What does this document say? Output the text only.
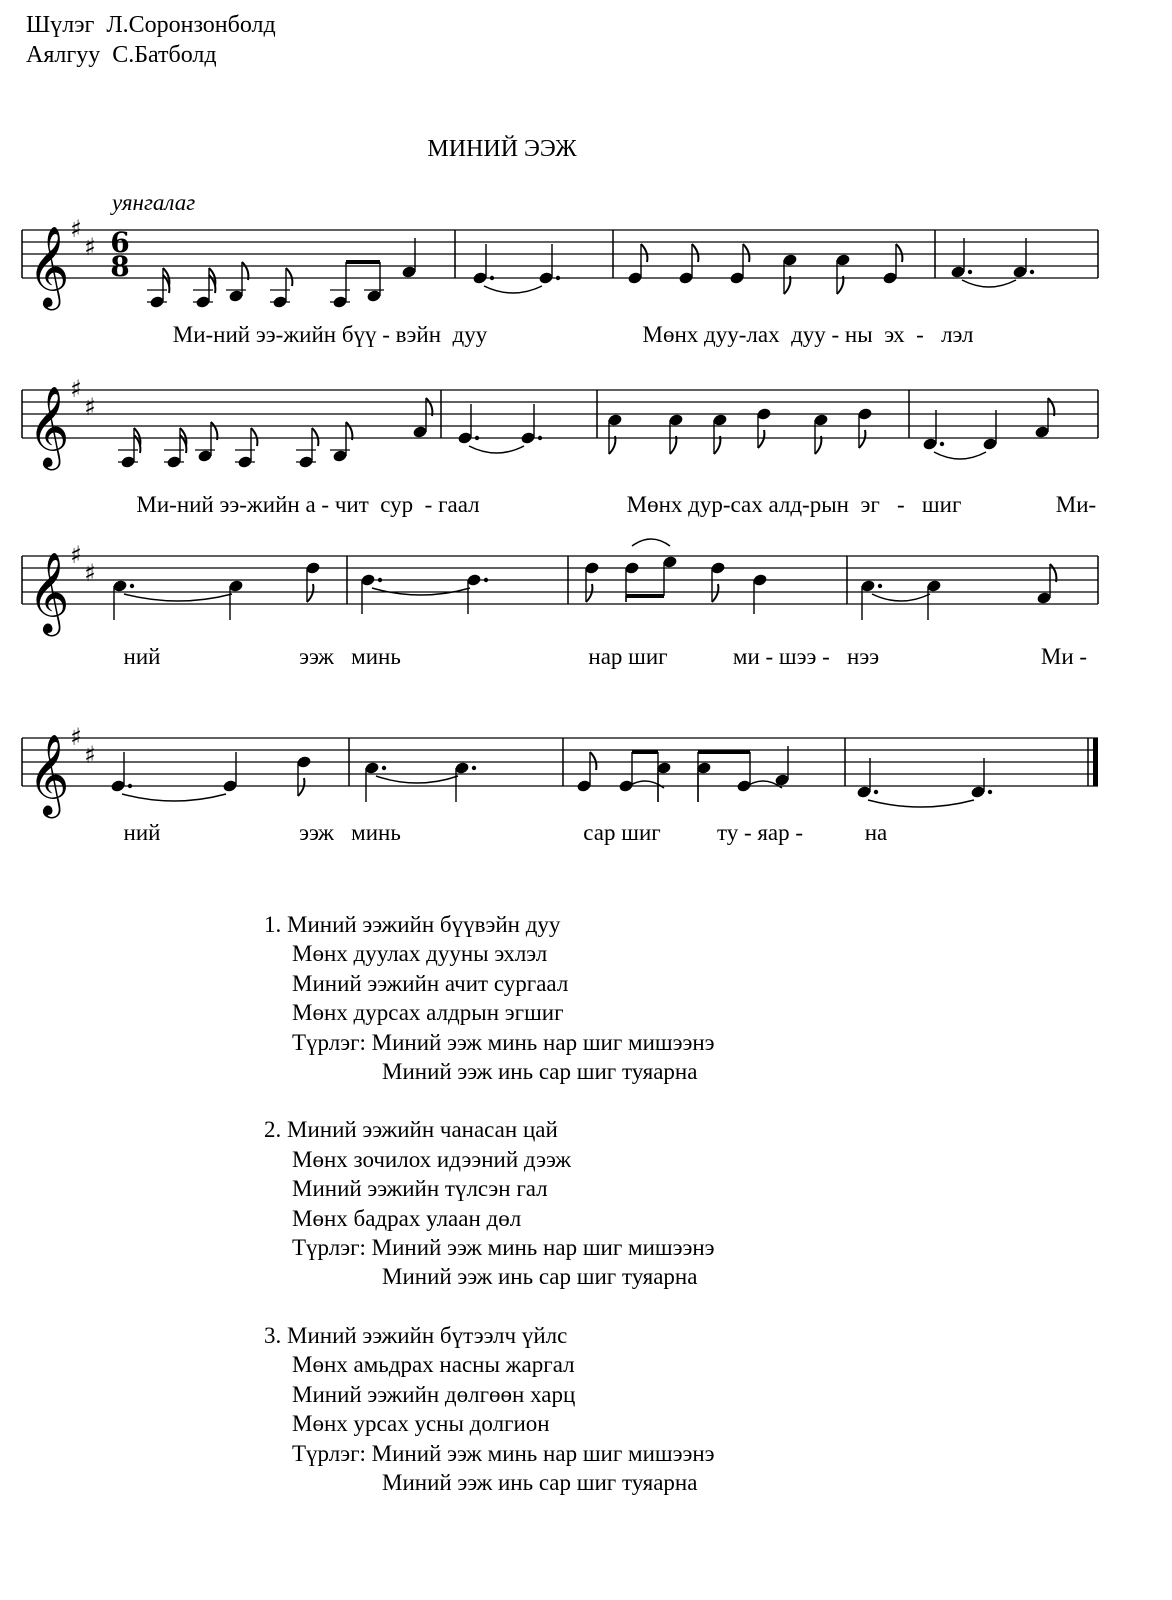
Шүлэг  Л.Соронзонболд
Аялгуу  С.Батболд
МИНИЙ ЭЭЖ
уянгалаг
𝄞 ♯
♯ 6
8
𝄞 ♯
♯
𝄞 ♯
♯
𝄞 ♯
♯
Ми-ний ээ-жийн бүү - вэйн  дуу	Мөнх дуу-лах  дуу - ны  эх  -   лэл
Ми-ний ээ-жийн а - чит  сур  - гаал	Мөнх дур-сах алд-рын  эг   -   шиг	Ми-
ний	ээж   минь	нар шиг	ми - шээ -   нээ	Ми -
ний	ээж   минь	сар шиг ту - яар -	на
1. Миний ээжийн бүүвэйн дуу
Мөнх дуулах дууны эхлэл
Миний ээжийн ачит сургаал
Мөнх дурсах алдрын эгшиг
Түрлэг: Миний ээж минь нар шиг мишээнэ
Миний ээж инь сар шиг туяарна
2. Миний ээжийн чанасан цай
Мөнх зочилох идээний дээж
Миний ээжийн түлсэн гал
Мөнх бадрах улаан дөл
Түрлэг: Миний ээж минь нар шиг мишээнэ
Миний ээж инь сар шиг туяарна
3. Миний ээжийн бүтээлч үйлс
Мөнх амьдрах насны жаргал
Миний ээжийн дөлгөөн харц
Мөнх урсах усны долгион
Түрлэг: Миний ээж минь нар шиг мишээнэ
Миний ээж инь сар шиг туяарна
